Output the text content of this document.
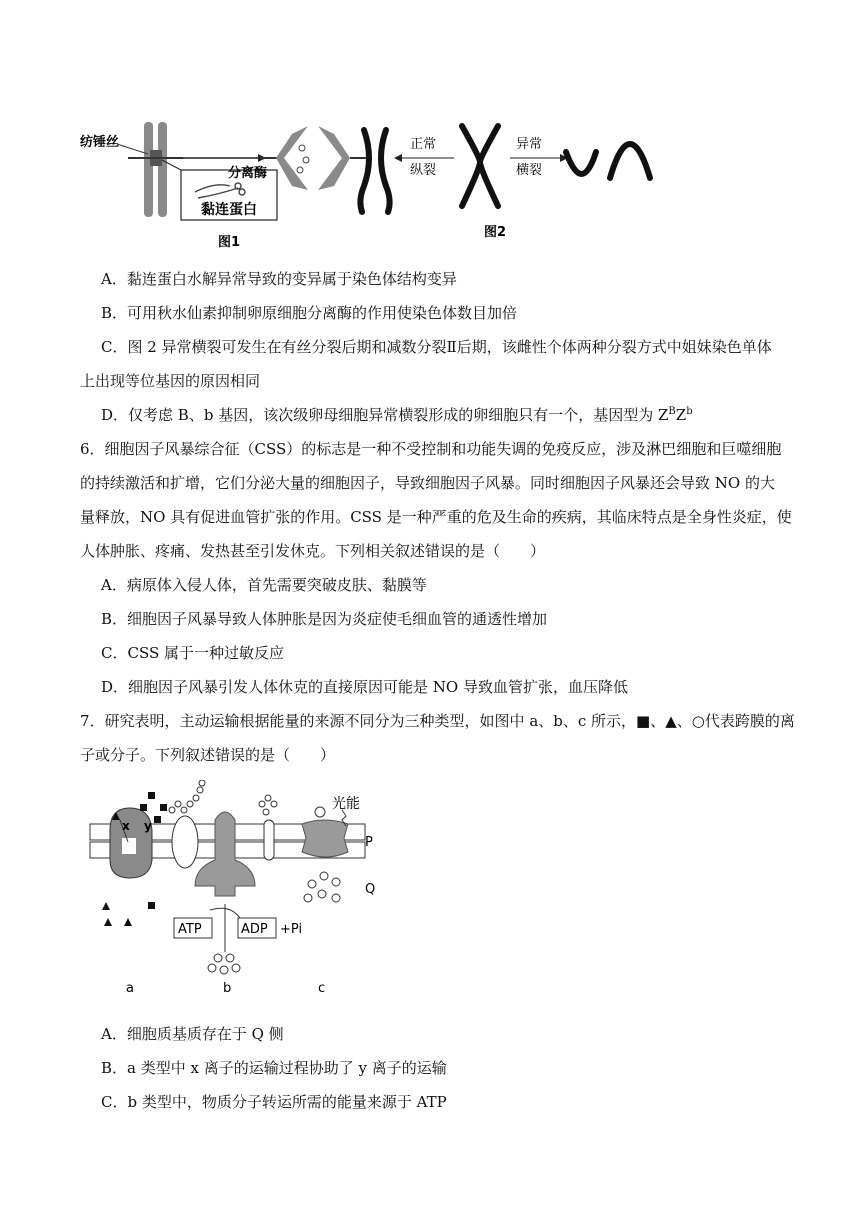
纺锤丝
分离酶
黏连蛋白
图1
正常
纵裂
异常
横裂
图2
A．黏连蛋白水解异常导致的变异属于染色体结构变异
B．可用秋水仙素抑制卵原细胞分离酶的作用使染色体数目加倍
C．图 2 异常横裂可发生在有丝分裂后期和减数分裂Ⅱ后期，该雌性个体两种分裂方式中姐妹染色单体
上出现等位基因的原因相同
D．仅考虑 B、b 基因，该次级卵母细胞异常横裂形成的卵细胞只有一个，基因型为 $Z^BZ^b$
6．细胞因子风暴综合征（CSS）的标志是一种不受控制和功能失调的免疫反应，涉及淋巴细胞和巨噬细胞
的持续激活和扩增，它们分泌大量的细胞因子，导致细胞因子风暴。同时细胞因子风暴还会导致 NO 的大
量释放，NO 具有促进血管扩张的作用。CSS 是一种严重的危及生命的疾病，其临床特点是全身性炎症，使
人体肿胀、疼痛、发热甚至引发休克。下列相关叙述错误的是（　　）
A．病原体入侵人体，首先需要突破皮肤、黏膜等
B．细胞因子风暴导致人体肿胀是因为炎症使毛细血管的通透性增加
C．CSS 属于一种过敏反应
D．细胞因子风暴引发人体休克的直接原因可能是 NO 导致血管扩张，血压降低
7．研究表明，主动运输根据能量的来源不同分为三种类型，如图中 a、b、c 所示，■、▲、○代表跨膜的离
子或分子。下列叙述错误的是（　　）
P
Q
光能
x y
ATP	ADP +Pi
a	b	c
A．细胞质基质存在于 Q 侧
B．a 类型中 x 离子的运输过程协助了 y 离子的运输
C．b 类型中，物质分子转运所需的能量来源于 ATP
